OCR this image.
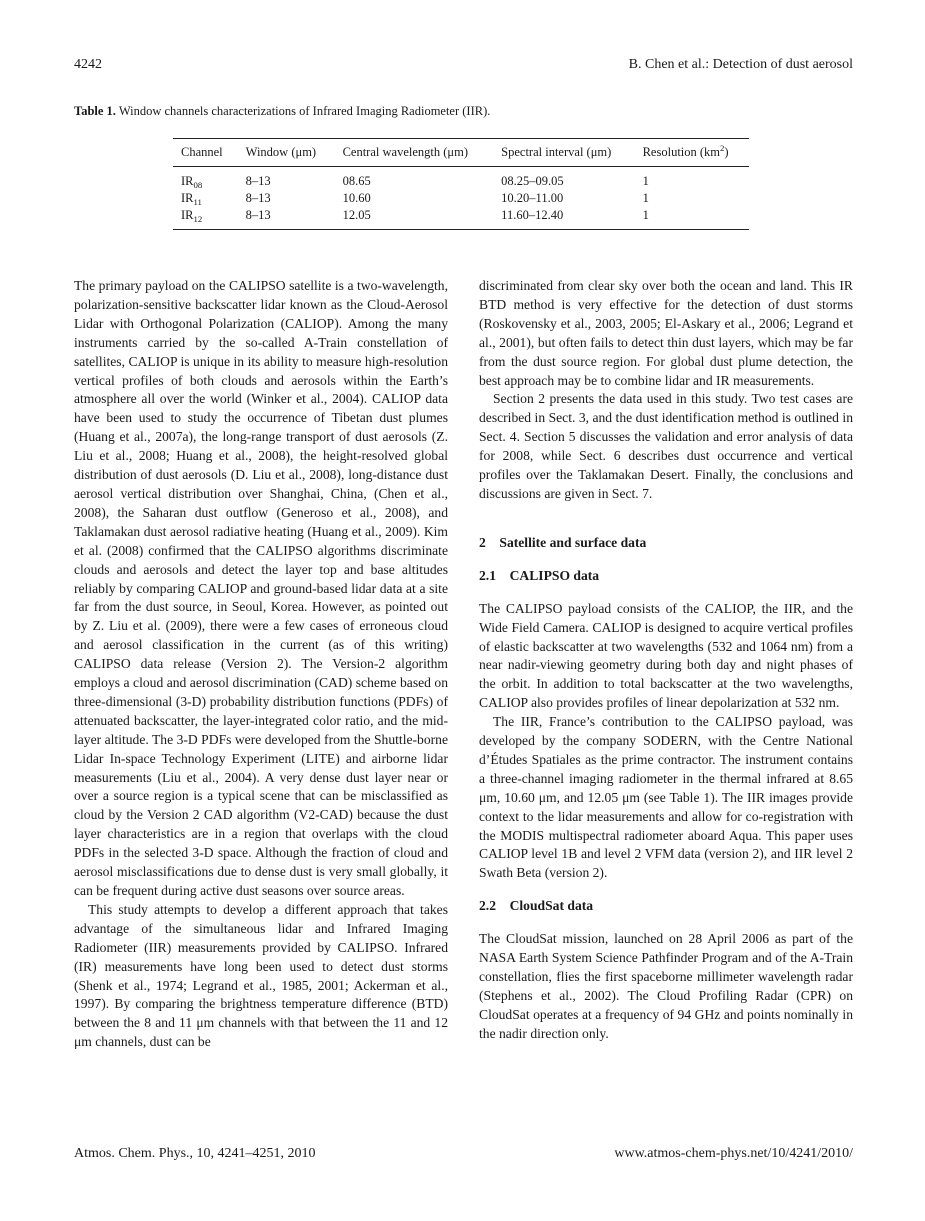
4242	B. Chen et al.: Detection of dust aerosol
Table 1. Window channels characterizations of Infrared Imaging Radiometer (IIR).
Channel	Window (μm)	Central wavelength (μm)	Spectral interval (μm)	Resolution $(km^2)$
$IR_{08}$	8–13	08.65	08.25–09.05	1
$IR_{11}$	8–13	10.60	10.20–11.00	1
$IR_{12}$	8–13	12.05	11.60–12.40	1

The primary payload on the CALIPSO satellite is a two-wavelength, polarization-sensitive backscatter lidar known as the Cloud-Aerosol Lidar with Orthogonal Polarization (CALIOP). Among the many instruments carried by the so-called A-Train constellation of satellites, CALIOP is unique in its ability to measure high-resolution vertical profiles of both clouds and aerosols within the Earth’s atmosphere all over the world (Winker et al., 2004). CALIOP data have been used to study the occurrence of Tibetan dust plumes (Huang et al., 2007a), the long-range transport of dust aerosols (Z. Liu et al., 2008; Huang et al., 2008), the height-resolved global distribution of dust aerosols (D. Liu et al., 2008), long-distance dust aerosol vertical distribution over Shanghai, China, (Chen et al., 2008), the Saharan dust outflow (Generoso et al., 2008), and Taklamakan dust aerosol radiative heating (Huang et al., 2009). Kim et al. (2008) confirmed that the CALIPSO algorithms discriminate clouds and aerosols and detect the layer top and base altitudes reliably by comparing CALIOP and ground-based lidar data at a site far from the dust source, in Seoul, Korea. However, as pointed out by Z. Liu et al. (2009), there were a few cases of erroneous cloud and aerosol classification in the current (as of this writing) CALIPSO data release (Version 2). The Version-2 algorithm employs a cloud and aerosol discrimination (CAD) scheme based on three-dimensional (3-D) probability distribution functions (PDFs) of attenuated backscatter, the layer-integrated color ratio, and the mid-layer altitude. The 3-D PDFs were developed from the Shuttle-borne Lidar In-space Technology Experiment (LITE) and airborne lidar measurements (Liu et al., 2004). A very dense dust layer near or over a source region is a typical scene that can be misclassified as cloud by the Version 2 CAD algorithm (V2-CAD) because the dust layer characteristics are in a region that overlaps with the cloud PDFs in the selected 3-D space. Although the fraction of cloud and aerosol misclassifications due to dense dust is very small globally, it can be frequent during active dust seasons over source areas.

This study attempts to develop a different approach that takes advantage of the simultaneous lidar and Infrared Imaging Radiometer (IIR) measurements provided by CALIPSO. Infrared (IR) measurements have long been used to detect dust storms (Shenk et al., 1974; Legrand et al., 1985, 2001; Ackerman et al., 1997). By comparing the brightness temperature difference (BTD) between the 8 and 11 μm channels with that between the 11 and 12 μm channels, dust can be

discriminated from clear sky over both the ocean and land. This IR BTD method is very effective for the detection of dust storms (Roskovensky et al., 2003, 2005; El-Askary et al., 2006; Legrand et al., 2001), but often fails to detect thin dust layers, which may be far from the dust source region. For global dust plume detection, the best approach may be to combine lidar and IR measurements.

Section 2 presents the data used in this study. Two test cases are described in Sect. 3, and the dust identification method is outlined in Sect. 4. Section 5 discusses the validation and error analysis of data for 2008, while Sect. 6 describes dust occurrence and vertical profiles over the Taklamakan Desert. Finally, the conclusions and discussions are given in Sect. 7.

2    Satellite and surface data
2.1    CALIPSO data

The CALIPSO payload consists of the CALIOP, the IIR, and the Wide Field Camera. CALIOP is designed to acquire vertical profiles of elastic backscatter at two wavelengths (532 and 1064 nm) from a near nadir-viewing geometry during both day and night phases of the orbit. In addition to total backscatter at the two wavelengths, CALIOP also provides profiles of linear depolarization at 532 nm.

The IIR, France’s contribution to the CALIPSO payload, was developed by the company SODERN, with the Centre National d’Études Spatiales as the prime contractor. The instrument contains a three-channel imaging radiometer in the thermal infrared at 8.65 μm, 10.60 μm, and 12.05 μm (see Table 1). The IIR images provide context to the lidar measurements and allow for co-registration with the MODIS multispectral radiometer aboard Aqua. This paper uses CALIOP level 1B and level 2 VFM data (version 2), and IIR level 2 Swath Beta (version 2).

2.2    CloudSat data

The CloudSat mission, launched on 28 April 2006 as part of the NASA Earth System Science Pathfinder Program and of the A-Train constellation, flies the first spaceborne millimeter wavelength radar (Stephens et al., 2002). The Cloud Profiling Radar (CPR) on CloudSat operates at a frequency of 94 GHz and points nominally in the nadir direction only.

Atmos. Chem. Phys., 10, 4241–4251, 2010	www.atmos-chem-phys.net/10/4241/2010/
